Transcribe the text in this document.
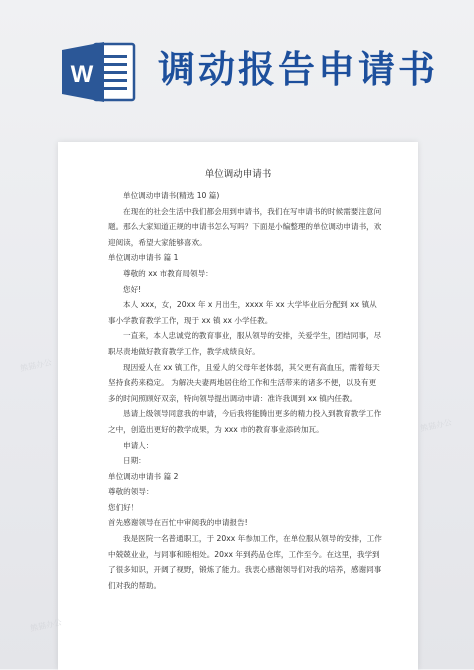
W 调动报告申请书
单位调动申请书

单位调动申请书(精选 10 篇)

在现在的社会生活中我们都会用到申请书，我们在写申请书的时候需要注意问题。那么大家知道正规的申请书怎么写吗？下面是小编整理的单位调动申请书，欢迎阅读，希望大家能够喜欢。

单位调动申请书 篇 1

尊敬的 xx 市教育局领导：

您好!

本人 xxx，女，20xx 年 x 月出生，xxxx 年 xx 大学毕业后分配到 xx 镇从事小学教育教学工作，现于 xx 镇 xx 小学任教。

一直来，本人忠诚党的教育事业，服从领导的安排，关爱学生，团结同事，尽职尽责地做好教育教学工作，教学成绩良好。

现因爱人在 xx 镇工作，且爱人的父母年老体弱，其父更有高血压，需着每天坚持食药来稳定。 为解决夫妻两地居住给工作和生活带来的诸多不便，以及有更多的时间照顾好双亲，特向领导提出调动申请：准许我调到 xx 镇内任教。

恳请上级领导同意我的申请，今后我将能腾出更多的精力投入到教育教学工作之中，创造出更好的教学成果，为 xxx 市的教育事业添砖加瓦。

申请人：

日期：

单位调动申请书 篇 2

尊敬的领导：

您们好！

首先感谢领导在百忙中审阅我的申请报告!

我是医院一名普通职工，于 20xx 年参加工作，在单位服从领导的安排，工作中兢兢业业，与同事和睦相处。20xx 年到药品仓库，工作至今。在这里，我学到了很多知识，开阔了视野，锻炼了能力。我衷心感谢领导们对我的培养，感谢同事们对我的帮助。

熊猫办公
熊猫办公
熊猫办公
